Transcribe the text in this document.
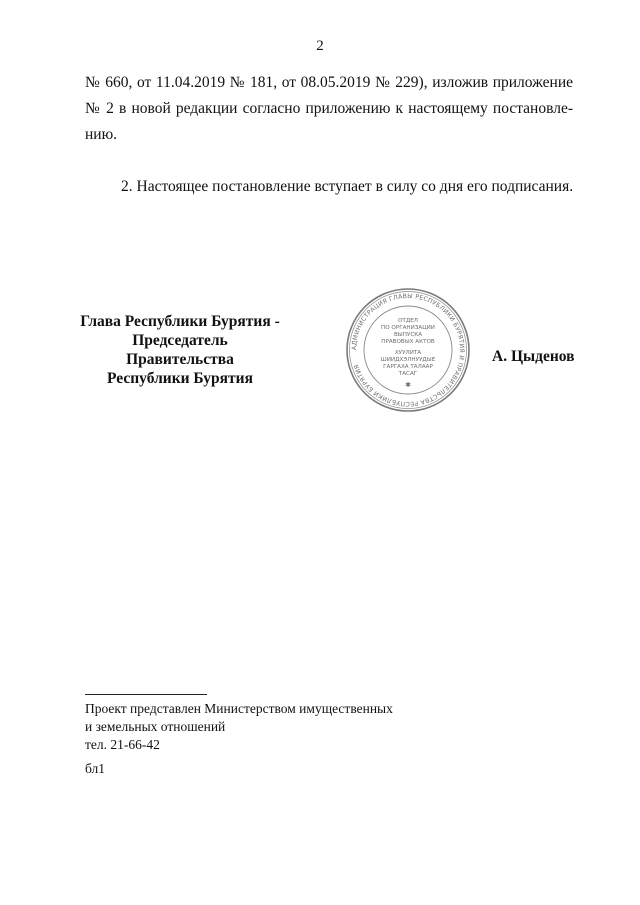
2
№ 660, от 11.04.2019 № 181, от 08.05.2019 № 229), изложив приложение
№ 2 в новой редакции согласно приложению к настоящему постановле-
нию.
2. Настоящее постановление вступает в силу со дня его подписания.
Глава Республики Бурятия -
Председатель Правительства
Республики Бурятия
АДМИНИСТРАЦИЯ ГЛАВЫ РЕСПУБЛИКИ БУРЯТИЯ И ПРАВИТЕЛЬСТВА РЕСПУБЛИКИ БУРЯТИЯ
ОТДЕЛ
ПО ОРГАНИЗАЦИИ
ВЫПУСКА
ПРАВОВЫХ АКТОВ
ХУУЛИТА
ШИИДХЭЛНУУДЫЕ
ГАРГАХА ТАЛААР
ТАСАГ
✱
А. Цыденов
Проект представлен Министерством имущественных
и земельных отношений
тел. 21-66-42
бл1
